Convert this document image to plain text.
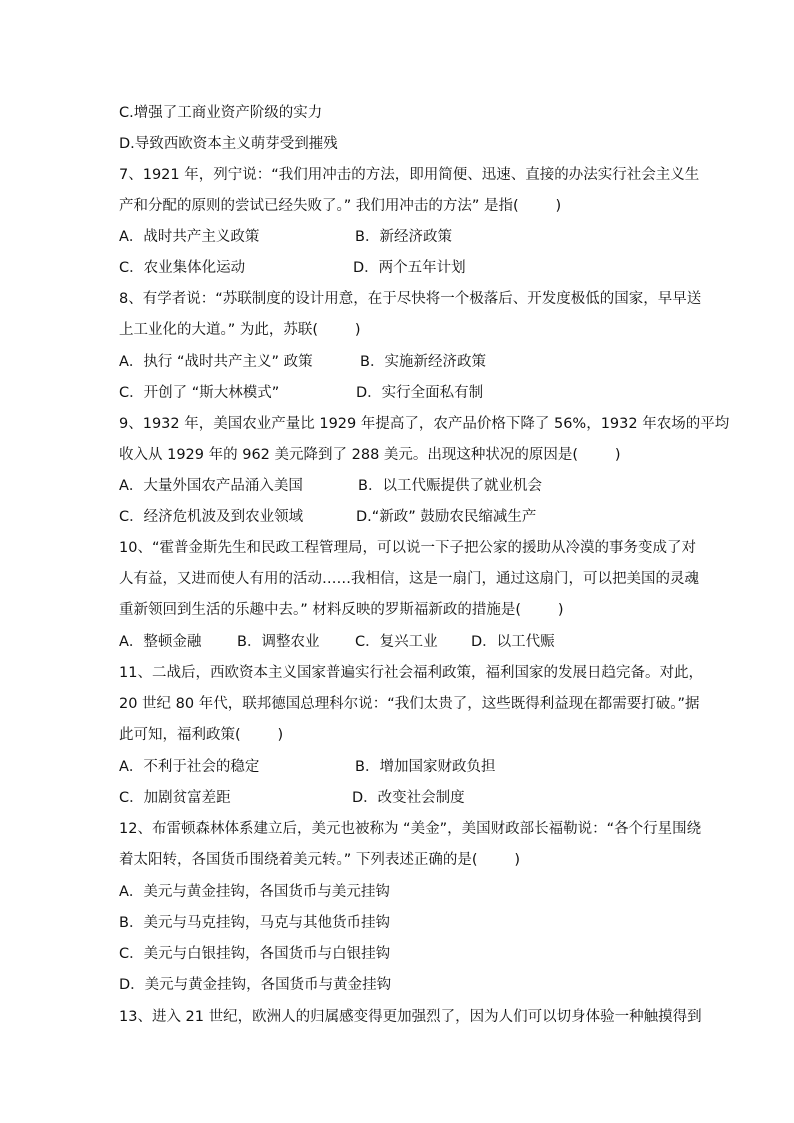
C.增强了工商业资产阶级的实力
D.导致西欧资本主义萌芽受到摧残
7、1921 年，列宁说：“我们用冲击的方法，即用简便、迅速、直接的办法实行社会主义生
产和分配的原则的尝试已经失败了。” 我们用冲击的方法” 是指(        )
A．战时共产主义政策	B．新经济政策
C．农业集体化运动	D．两个五年计划
8、有学者说：“苏联制度的设计用意，在于尽快将一个极落后、开发度极低的国家，早早送
上工业化的大道。” 为此，苏联(        )
A．执行 “战时共产主义” 政策	B．实施新经济政策
C．开创了 “斯大林模式”	D．实行全面私有制
9、1932 年，美国农业产量比 1929 年提高了，农产品价格下降了 56%，1932 年农场的平均
收入从 1929 年的 962 美元降到了 288 美元。出现这种状况的原因是(        )
A．大量外国农产品涌入美国	B．以工代赈提供了就业机会
C．经济危机波及到农业领域	D.“新政” 鼓励农民缩减生产
10、“霍普金斯先生和民政工程管理局，可以说一下子把公家的援助从冷漠的事务变成了对
人有益，又进而使人有用的活动……我相信，这是一扇门，通过这扇门，可以把美国的灵魂
重新领回到生活的乐趣中去。” 材料反映的罗斯福新政的措施是(        )
A．整顿金融 B．调整农业 C．复兴工业 D．以工代赈
11、二战后，西欧资本主义国家普遍实行社会福利政策，福利国家的发展日趋完备。对此，
20 世纪 80 年代，联邦德国总理科尔说：“我们太贵了，这些既得利益现在都需要打破。”据
此可知，福利政策(        )
A．不利于社会的稳定	B．增加国家财政负担
C．加剧贫富差距	D．改变社会制度
12、布雷顿森林体系建立后，美元也被称为 “美金”，美国财政部长福勒说：“各个行星围绕
着太阳转，各国货币围绕着美元转。” 下列表述正确的是(        )
A．美元与黄金挂钩，各国货币与美元挂钩
B．美元与马克挂钩，马克与其他货币挂钩
C．美元与白银挂钩，各国货币与白银挂钩
D．美元与黄金挂钩，各国货币与黄金挂钩
13、进入 21 世纪，欧洲人的归属感变得更加强烈了，因为人们可以切身体验一种触摸得到
